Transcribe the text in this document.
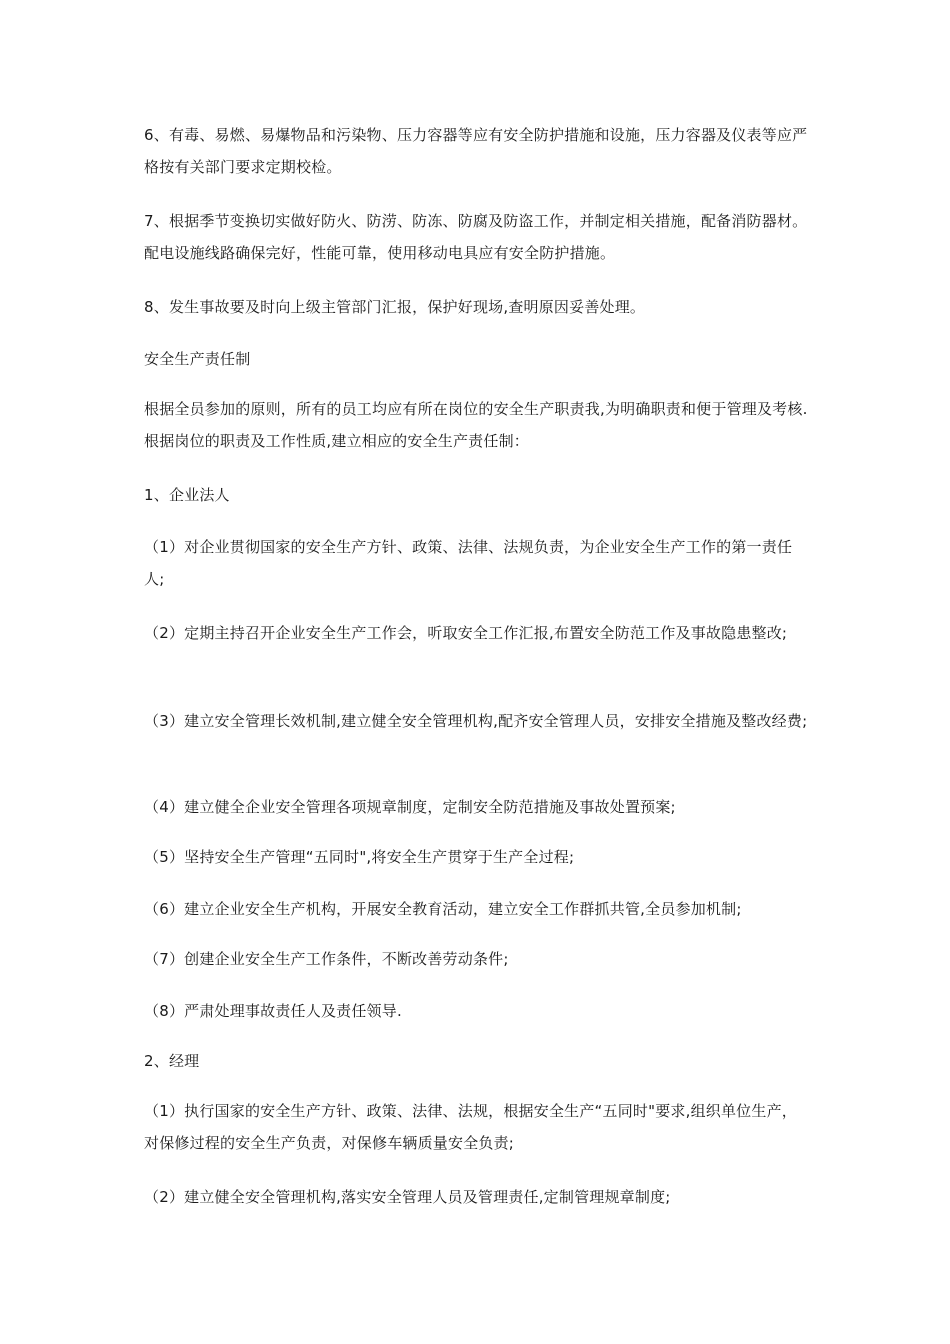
6、有毒、易燃、易爆物品和污染物、压力容器等应有安全防护措施和设施，压力容器及仪表等应严格按有关部门要求定期校检。

7、根据季节变换切实做好防火、防涝、防冻、防腐及防盗工作，并制定相关措施，配备消防器材。配电设施线路确保完好，性能可靠，使用移动电具应有安全防护措施。

8、发生事故要及时向上级主管部门汇报，保护好现场,查明原因妥善处理。

安全生产责任制

根据全员参加的原则，所有的员工均应有所在岗位的安全生产职责我,为明确职责和便于管理及考核.根据岗位的职责及工作性质,建立相应的安全生产责任制：

1、企业法人

（1）对企业贯彻国家的安全生产方针、政策、法律、法规负责，为企业安全生产工作的第一责任人;

（2）定期主持召开企业安全生产工作会，听取安全工作汇报,布置安全防范工作及事故隐患整改;

（3）建立安全管理长效机制,建立健全安全管理机构,配齐安全管理人员，安排安全措施及整改经费;

（4）建立健全企业安全管理各项规章制度，定制安全防范措施及事故处置预案;

（5）坚持安全生产管理“五同时",将安全生产贯穿于生产全过程;

（6）建立企业安全生产机构，开展安全教育活动，建立安全工作群抓共管,全员参加机制;

（7）创建企业安全生产工作条件，不断改善劳动条件;

（8）严肃处理事故责任人及责任领导.

2、经理

（1）执行国家的安全生产方针、政策、法律、法规，根据安全生产“五同时"要求,组织单位生产，对保修过程的安全生产负责，对保修车辆质量安全负责;

（2）建立健全安全管理机构,落实安全管理人员及管理责任,定制管理规章制度;
